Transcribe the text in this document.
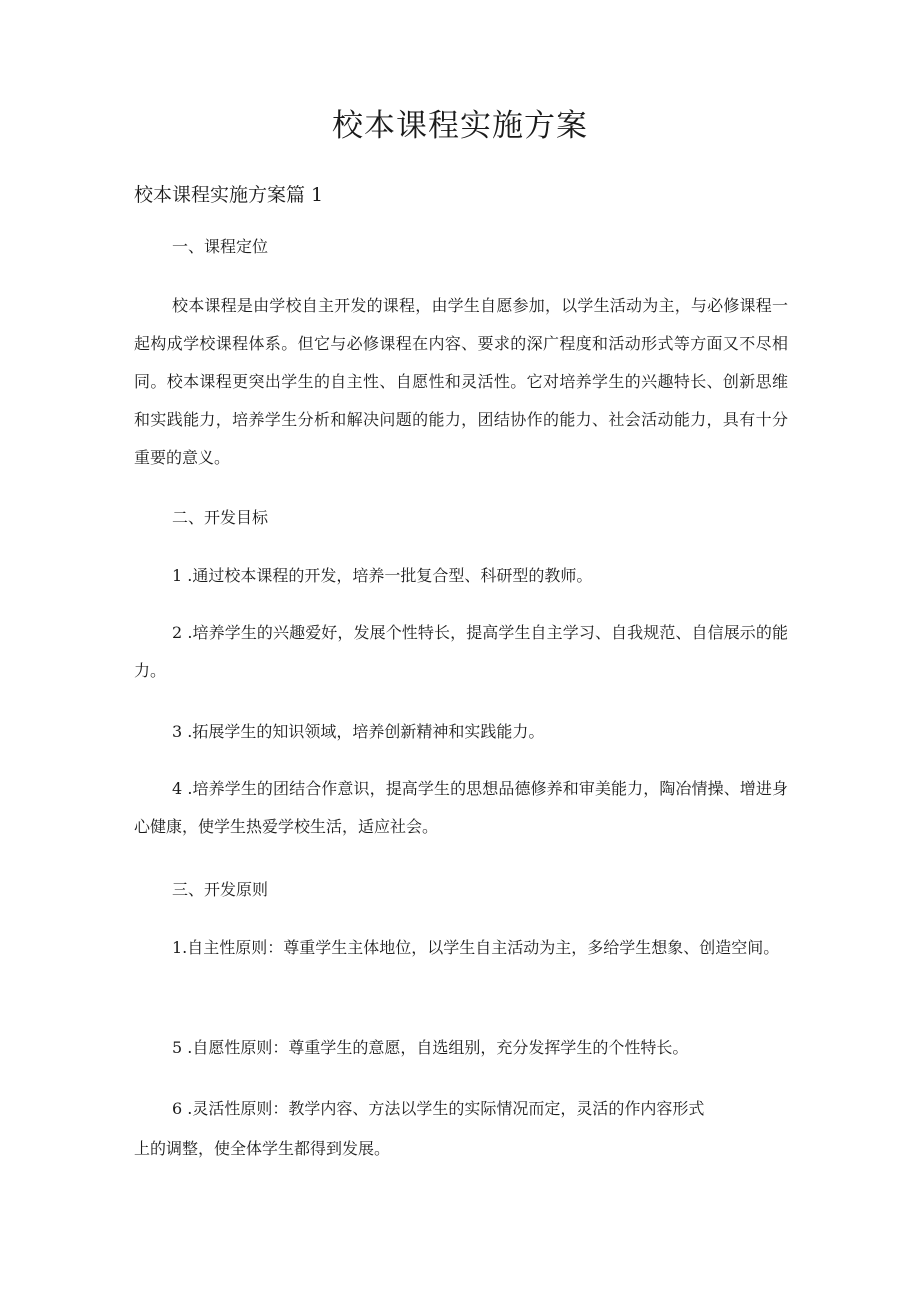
校本课程实施方案
校本课程实施方案篇 1
一、课程定位
校本课程是由学校自主开发的课程，由学生自愿参加，以学生活动为主，与必修课程一起构成学校课程体系。但它与必修课程在内容、要求的深广程度和活动形式等方面又不尽相同。校本课程更突出学生的自主性、自愿性和灵活性。它对培养学生的兴趣特长、创新思维和实践能力，培养学生分析和解决问题的能力，团结协作的能力、社会活动能力，具有十分重要的意义。
二、开发目标
1 .通过校本课程的开发，培养一批复合型、科研型的教师。
2 .培养学生的兴趣爱好，发展个性特长，提高学生自主学习、自我规范、自信展示的能力。
3 .拓展学生的知识领域，培养创新精神和实践能力。
4 .培养学生的团结合作意识，提高学生的思想品德修养和审美能力，陶冶情操、增进身心健康，使学生热爱学校生活，适应社会。
三、开发原则
1.自主性原则：尊重学生主体地位，以学生自主活动为主，多给学生想象、创造空间。
5 .自愿性原则：尊重学生的意愿，自选组别，充分发挥学生的个性特长。
6 .灵活性原则：教学内容、方法以学生的实际情况而定，灵活的作内容形式
上的调整，使全体学生都得到发展。
